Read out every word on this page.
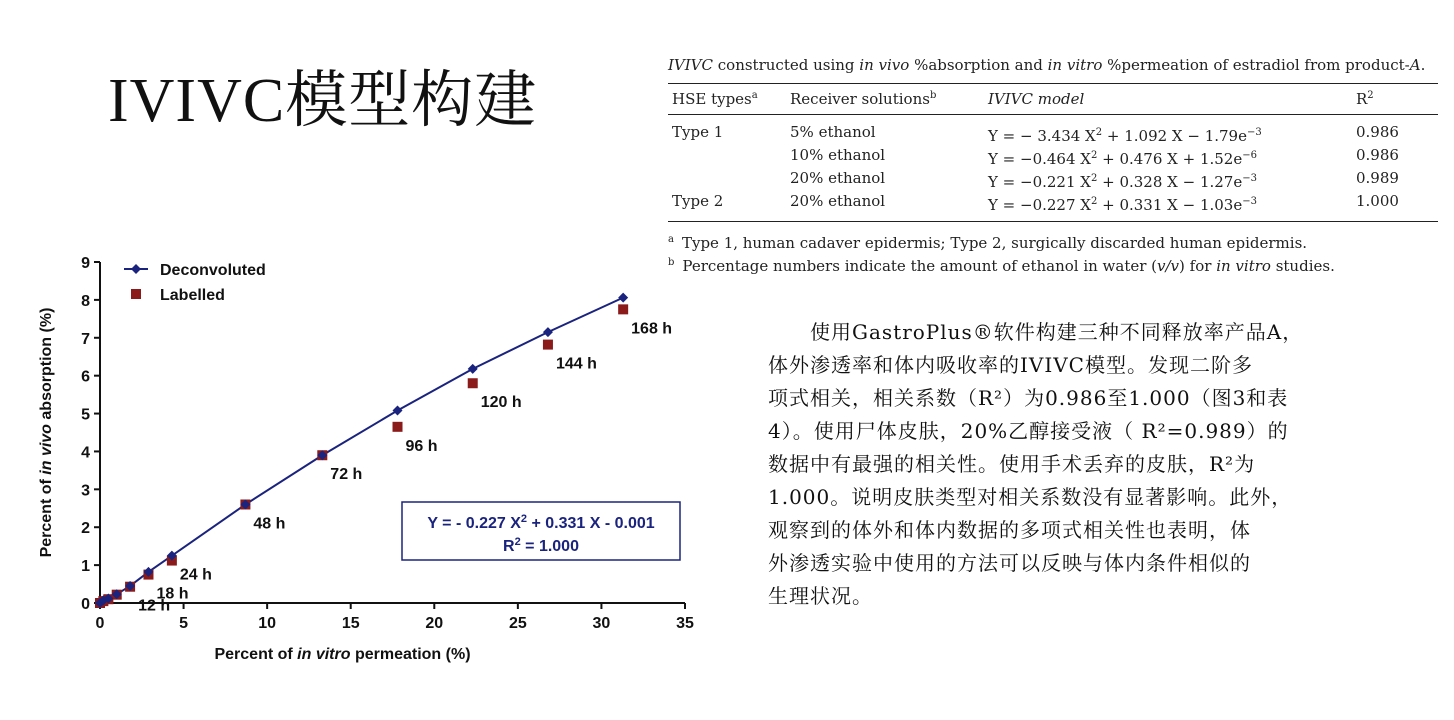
IVIVC模型构建
IVIVC constructed using in vivo %absorption and in vitro %permeation of estradiol from product-A.
HSE types$^a$	Receiver solutions$^b$	IVIVC model	$R^2$
Type 1	5% ethanol	Y = − 3.434 $X^2 + 1.092$ $X - 1.79e^{-3}$	0.986
	10% ethanol	Y = −0.464 $X^2 + 0.476$ $X + 1.52e^{-6}$	0.986
	20% ethanol	Y = −0.221 $X^2 + 0.328$ $X - 1.27e^{-3}$	0.989
Type 2	20% ethanol	Y = −0.227 $X^2 + 0.331$ $X - 1.03e^{-3}$	1.000
$^a$ Type 1, human cadaver epidermis; Type 2, surgically discarded human epidermis.
$^b$ Percentage numbers indicate the amount of ethanol in water (v/v) for in vitro studies.
0
1
2
3
4
5
6
7
8
9
0	5	10	15	20	25	30	35
Percent of in vitro permeation (%)
Percent of in vivo absorption (%)
12 h
18 h
24 h
48 h
72 h
96 h
120 h
144 h
168 h
Deconvoluted
Labelled
Y = - 0.227 $X^2 + 0.331$ X - 0.001
$R^2 = 1.000$
　　使用GastroPlus®软件构建三种不同释放率产品A，
体外渗透率和体内吸收率的IVIVC模型。发现二阶多
项式相关，相关系数（R²）为0.986至1.000（图3和表
4）。使用尸体皮肤，20%乙醇接受液（ R²=0.989）的
数据中有最强的相关性。使用手术丢弃的皮肤，R²为
1.000。说明皮肤类型对相关系数没有显著影响。此外，
观察到的体外和体内数据的多项式相关性也表明，体
外渗透实验中使用的方法可以反映与体内条件相似的
生理状况。
